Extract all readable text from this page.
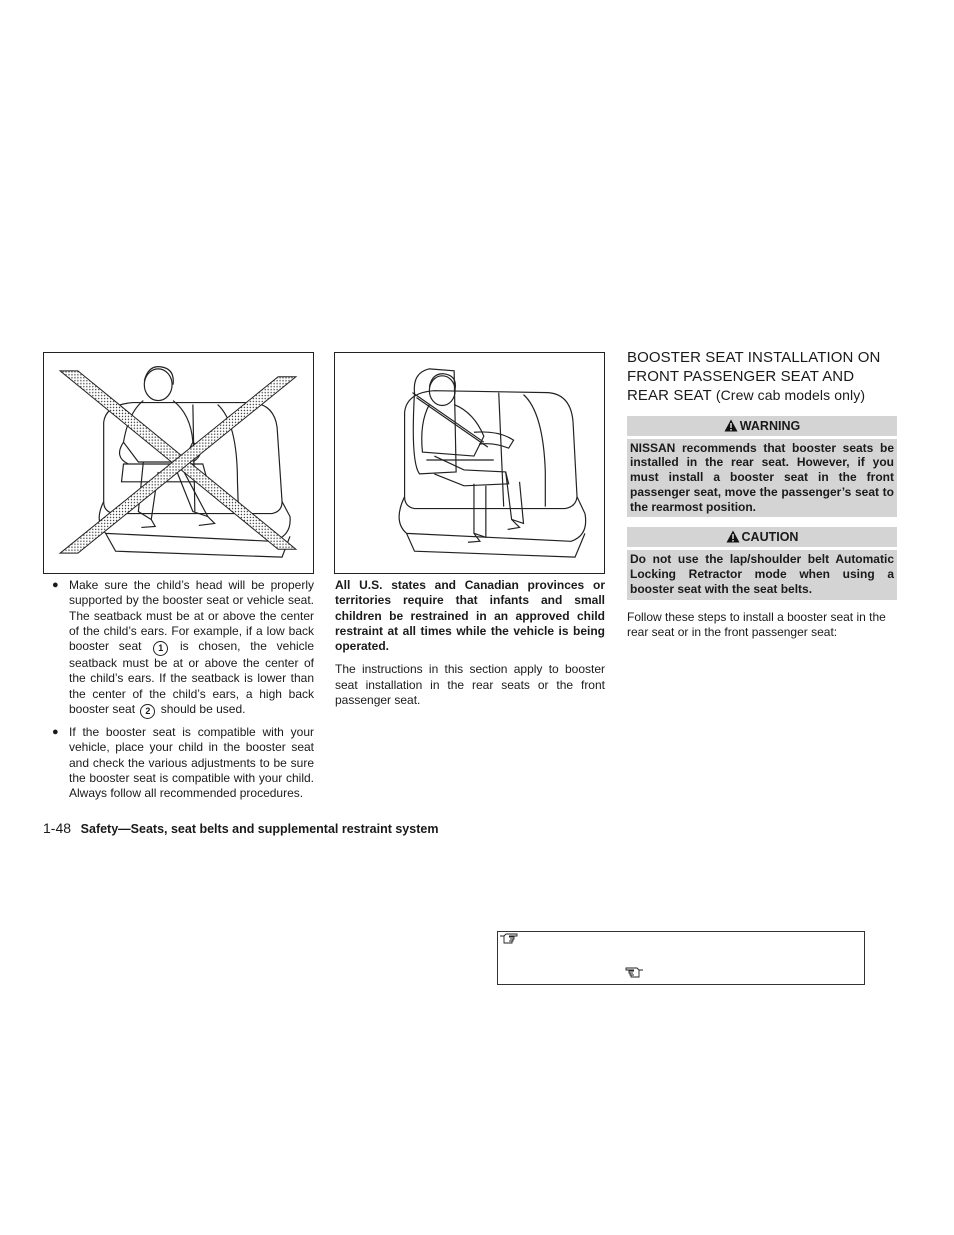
● Make sure the child’s head will be properly supported by the booster seat or vehicle seat. The seatback must be at or above the center of the child’s ears. For example, if a low back booster seat 1 is chosen, the vehicle seatback must be at or above the center of the child’s ears. If the seatback is lower than the center of the child’s ears, a high back booster seat 2 should be used.
● If the booster seat is compatible with your vehicle, place your child in the booster seat and check the various adjustments to be sure the booster seat is compatible with your child. Always follow all recommended procedures.

All U.S. states and Canadian provinces or territories require that infants and small children be restrained in an approved child restraint at all times while the vehicle is being operated.

The instructions in this section apply to booster seat installation in the rear seats or the front passenger seat.

BOOSTER SEAT INSTALLATION ON FRONT PASSENGER SEAT AND REAR SEAT (Crew cab models only)
WARNING
NISSAN recommends that booster seats be installed in the rear seat. However, if you must install a booster seat in the front passenger seat, move the passenger’s seat to the rearmost position.
CAUTION
Do not use the lap/shoulder belt Automatic Locking Retractor mode when using a booster seat with the seat belts.

Follow these steps to install a booster seat in the rear seat or in the front passenger seat:

1-48 Safety—Seats, seat belts and supplemental restraint system
